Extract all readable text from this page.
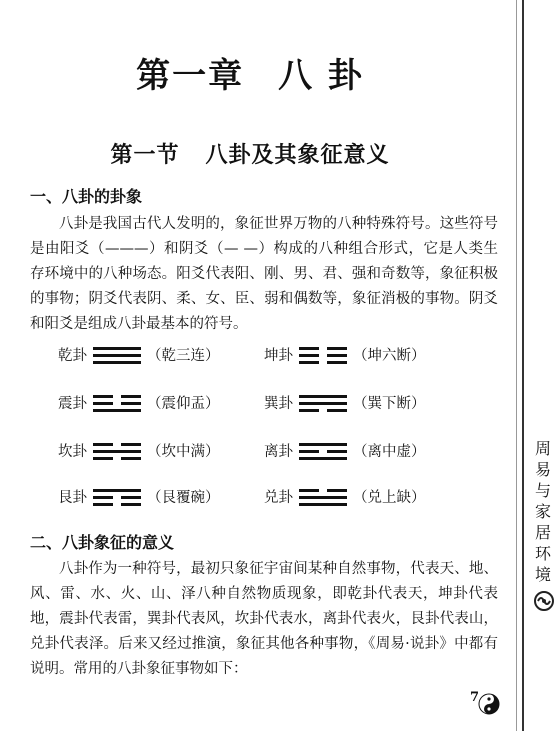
第一章 八 卦
第一节 八卦及其象征意义
一、八卦的卦象

八卦是我国古代人发明的，象征世界万物的八种特殊符号。这些符号是由阳爻（———）和阴爻（— —）构成的八种组合形式，它是人类生存环境中的八种场态。阳爻代表阳、刚、男、君、强和奇数等，象征积极的事物；阴爻代表阴、柔、女、臣、弱和偶数等，象征消极的事物。阴爻和阳爻是组成八卦最基本的符号。

乾卦	（乾三连）	坤卦	（坤六断）
震卦	（震仰盂）	巽卦	（巽下断）
坎卦	（坎中满）	离卦	（离中虚）
艮卦	（艮覆碗）	兑卦	（兑上缺）
二、八卦象征的意义

八卦作为一种符号，最初只象征宇宙间某种自然事物，代表天、地、风、雷、水、火、山、泽八种自然物质现象，即乾卦代表天，坤卦代表地，震卦代表雷，巽卦代表风，坎卦代表水，离卦代表火，艮卦代表山，兑卦代表泽。后来又经过推演，象征其他各种事物，《周易·说卦》中都有说明。常用的八卦象征事物如下：

周
易
与
家
居
环
境
7
